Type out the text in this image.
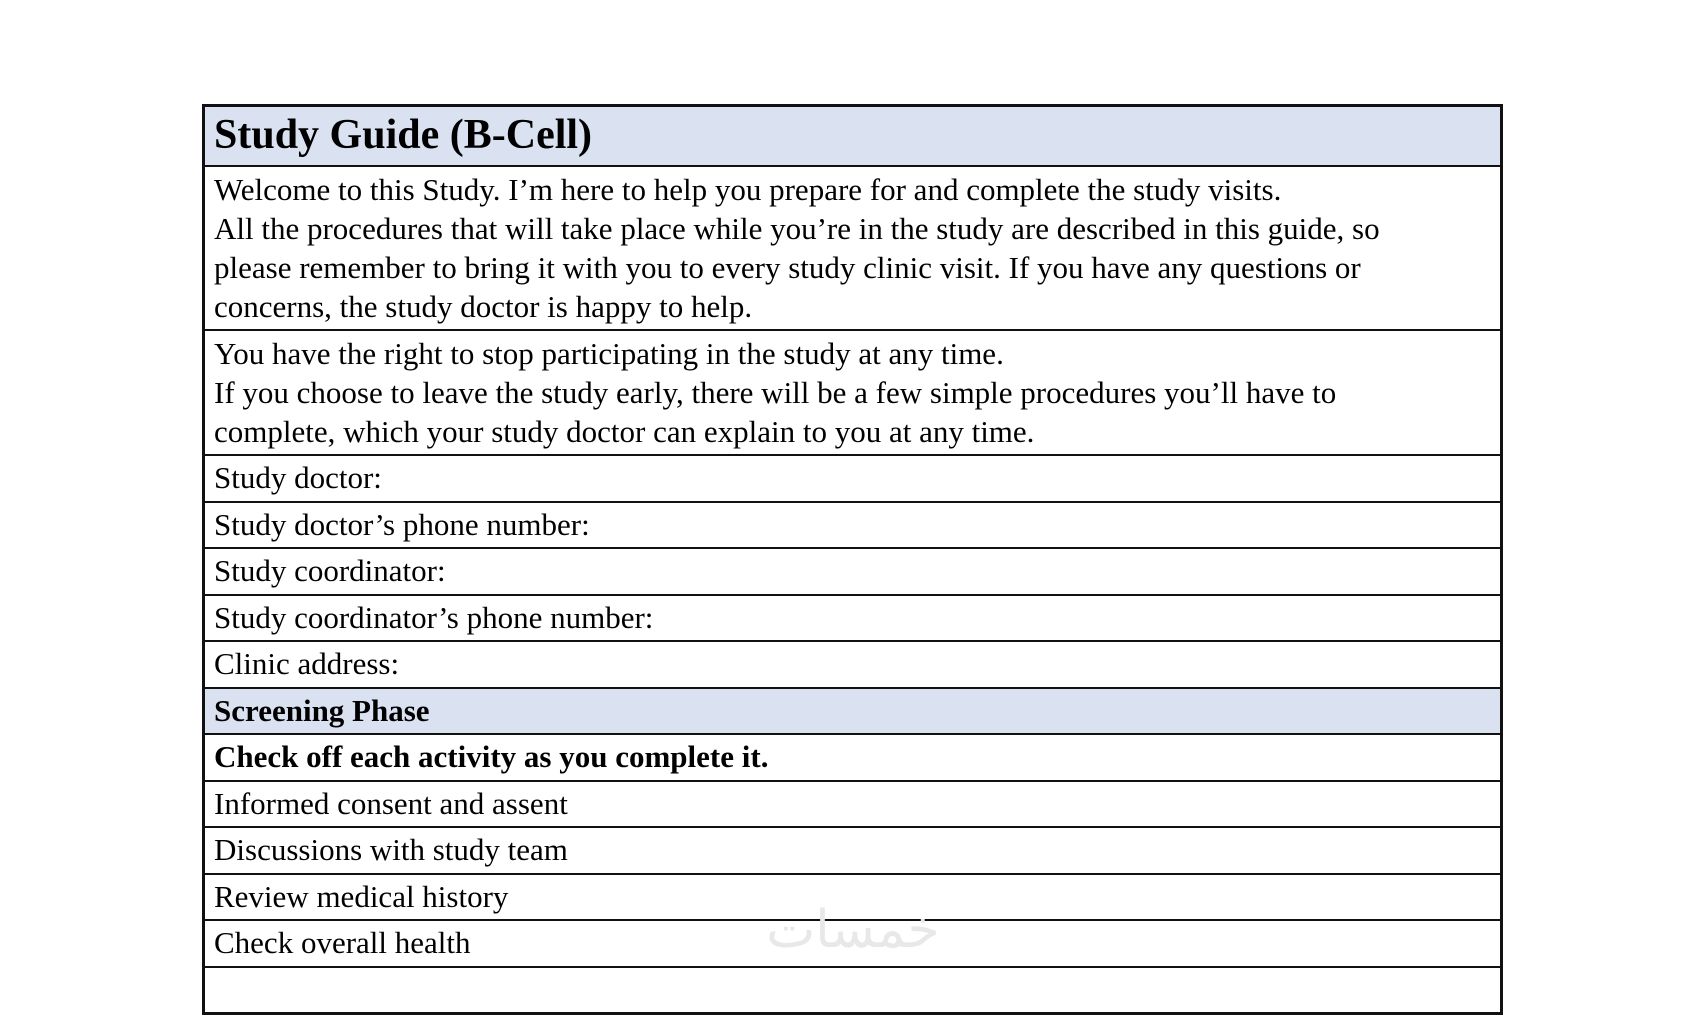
Study Guide (B-Cell)
Welcome to this Study. I’m here to help you prepare for and complete the study visits.
All the procedures that will take place while you’re in the study are described in this guide, so
please remember to bring it with you to every study clinic visit. If you have any questions or
concerns, the study doctor is happy to help.
You have the right to stop participating in the study at any time.
If you choose to leave the study early, there will be a few simple procedures you’ll have to
complete, which your study doctor can explain to you at any time.
Study doctor:
Study doctor’s phone number:
Study coordinator:
Study coordinator’s phone number:
Clinic address:
Screening Phase
Check off each activity as you complete it.
Informed consent and assent
Discussions with study team
Review medical history
Check overall health	خمسات
